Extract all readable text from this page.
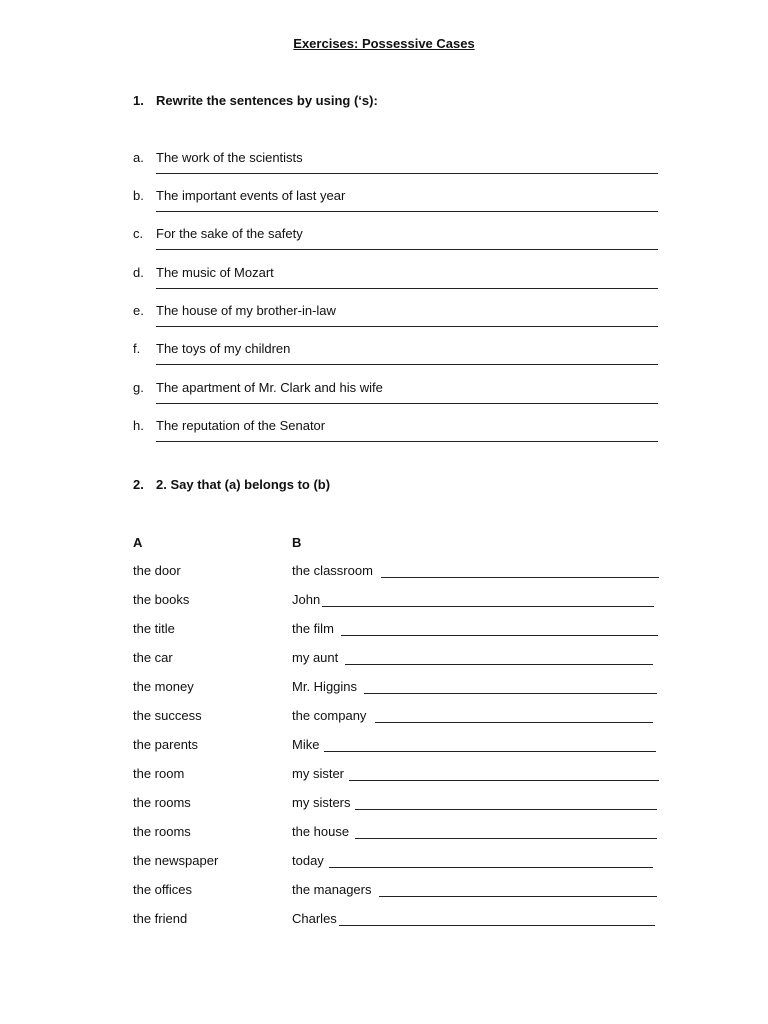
Exercises: Possessive Cases
1. Rewrite the sentences by using (‘s):
a. The work of the scientists
b. The important events of last year
c. For the sake of the safety
d. The music of Mozart
e. The house of my brother-in-law
f. The toys of my children
g. The apartment of Mr. Clark and his wife
h. The reputation of the Senator
2. 2. Say that (a) belongs to (b)
A	B
the door	the classroom
the books	John
the title	the film
the car	my aunt
the money	Mr. Higgins
the success	the company
the parents	Mike
the room	my sister
the rooms	my sisters
the rooms	the house
the newspaper	today
the offices	the managers
the friend	Charles
